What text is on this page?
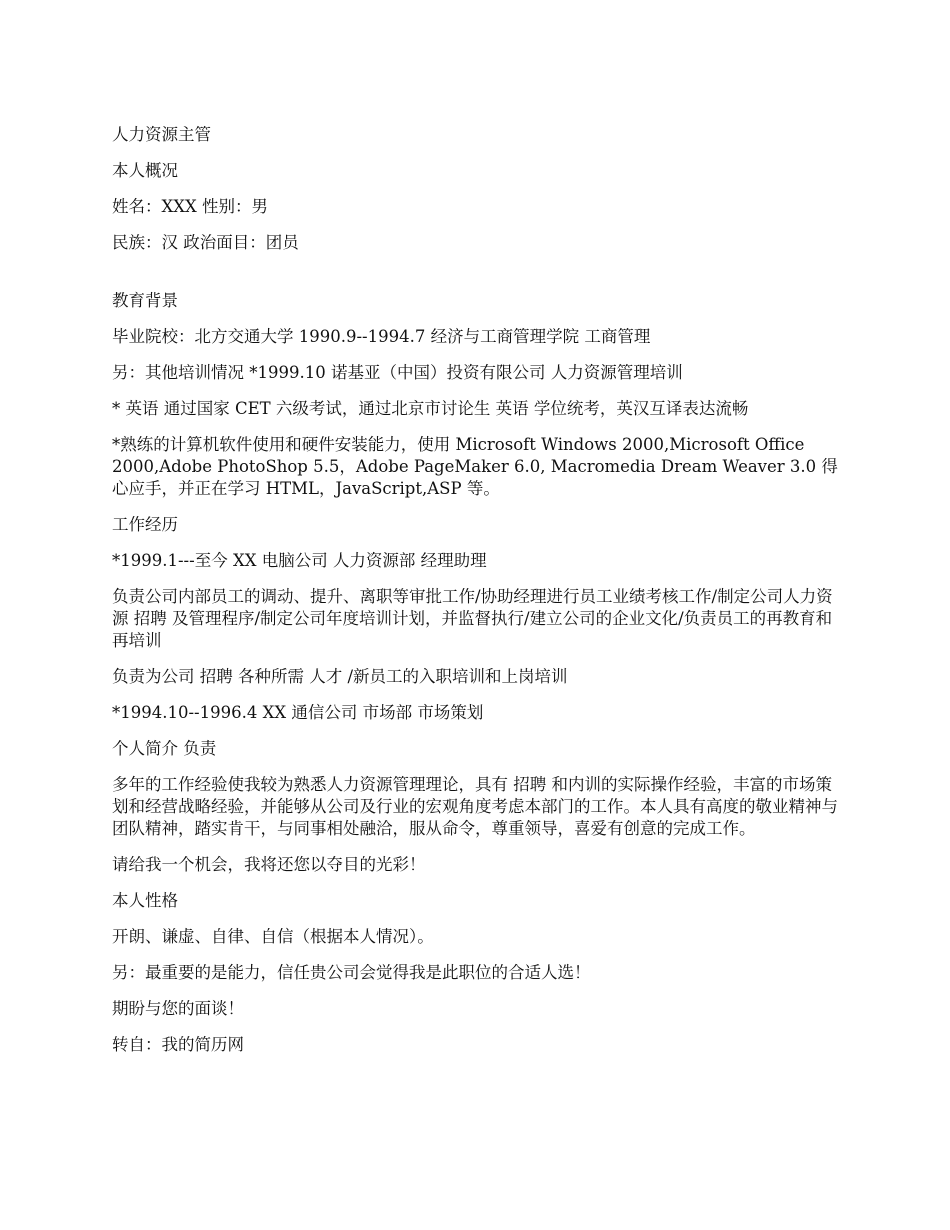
人力资源主管

本人概况

姓名：XXX 性别：男

民族：汉 政治面目：团员

教育背景

毕业院校：北方交通大学 1990.9--1994.7 经济与工商管理学院 工商管理

另：其他培训情况 *1999.10 诺基亚（中国）投资有限公司 人力资源管理培训

* 英语 通过国家 CET 六级考试，通过北京市讨论生 英语 学位统考，英汉互译表达流畅

*熟练的计算机软件使用和硬件安装能力，使用 Microsoft Windows 2000,Microsoft Office 2000,Adobe PhotoShop 5.5，Adobe PageMaker 6.0, Macromedia Dream Weaver 3.0 得心应手，并正在学习 HTML，JavaScript,ASP 等。

工作经历

*1999.1---至今 XX 电脑公司 人力资源部 经理助理

负责公司内部员工的调动、提升、离职等审批工作/协助经理进行员工业绩考核工作/制定公司人力资源 招聘 及管理程序/制定公司年度培训计划，并监督执行/建立公司的企业文化/负责员工的再教育和再培训

负责为公司 招聘 各种所需 人才 /新员工的入职培训和上岗培训

*1994.10--1996.4 XX 通信公司 市场部 市场策划

个人简介 负责

多年的工作经验使我较为熟悉人力资源管理理论，具有 招聘 和内训的实际操作经验，丰富的市场策划和经营战略经验，并能够从公司及行业的宏观角度考虑本部门的工作。本人具有高度的敬业精神与团队精神，踏实肯干，与同事相处融洽，服从命令，尊重领导，喜爱有创意的完成工作。

请给我一个机会，我将还您以夺目的光彩！

本人性格

开朗、谦虚、自律、自信（根据本人情况）。

另：最重要的是能力，信任贵公司会觉得我是此职位的合适人选！

期盼与您的面谈！

转自：我的简历网
